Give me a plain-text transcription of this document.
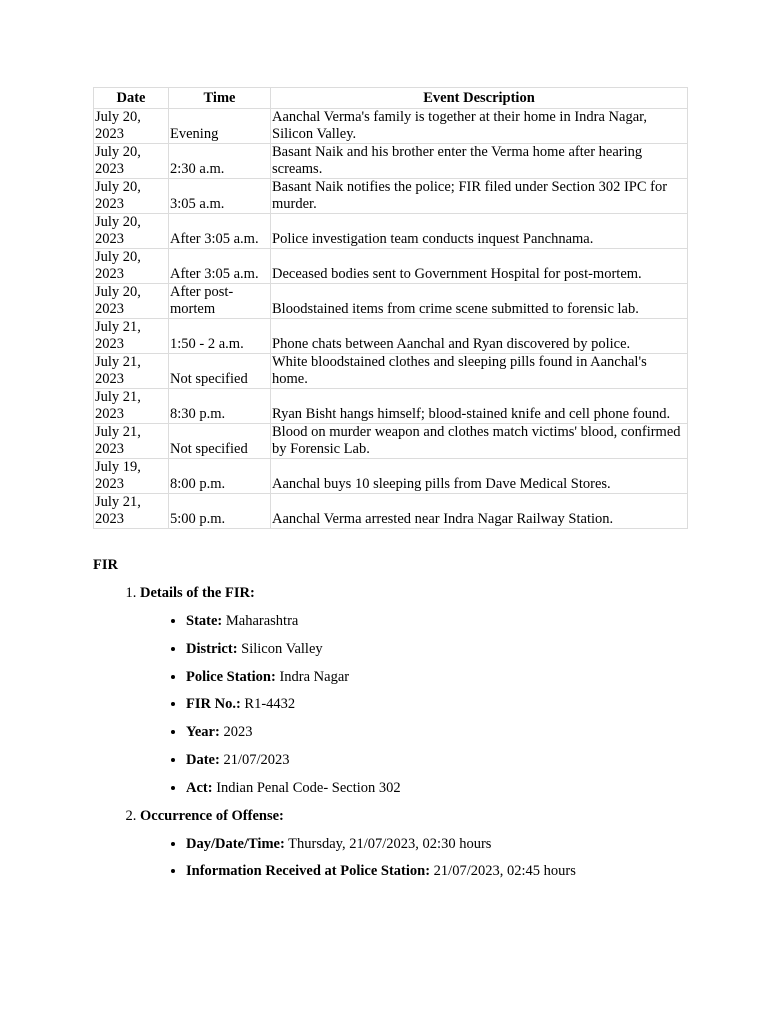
Date	Time	Event Description
July 20, 2023	Evening	Aanchal Verma's family is together at their home in Indra Nagar, Silicon Valley.
July 20, 2023	2:30 a.m.	Basant Naik and his brother enter the Verma home after hearing screams.
July 20, 2023	3:05 a.m.	Basant Naik notifies the police; FIR filed under Section 302 IPC for murder.
July 20, 2023	After 3:05 a.m.	Police investigation team conducts inquest Panchnama.
July 20, 2023	After 3:05 a.m.	Deceased bodies sent to Government Hospital for post-mortem.
July 20, 2023	After post-mortem	Bloodstained items from crime scene submitted to forensic lab.
July 21, 2023	1:50 - 2 a.m.	Phone chats between Aanchal and Ryan discovered by police.
July 21, 2023	Not specified	White bloodstained clothes and sleeping pills found in Aanchal's home.
July 21, 2023	8:30 p.m.	Ryan Bisht hangs himself; blood-stained knife and cell phone found.
July 21, 2023	Not specified	Blood on murder weapon and clothes match victims' blood, confirmed by Forensic Lab.
July 19, 2023	8:00 p.m.	Aanchal buys 10 sleeping pills from Dave Medical Stores.
July 21, 2023	5:00 p.m.	Aanchal Verma arrested near Indra Nagar Railway Station.
FIR
1. Details of the FIR:
• State: Maharashtra
• District: Silicon Valley
• Police Station: Indra Nagar
• FIR No.: R1-4432
• Year: 2023
• Date: 21/07/2023
• Act: Indian Penal Code- Section 302
2. Occurrence of Offense:
• Day/Date/Time: Thursday, 21/07/2023, 02:30 hours
• Information Received at Police Station: 21/07/2023, 02:45 hours
